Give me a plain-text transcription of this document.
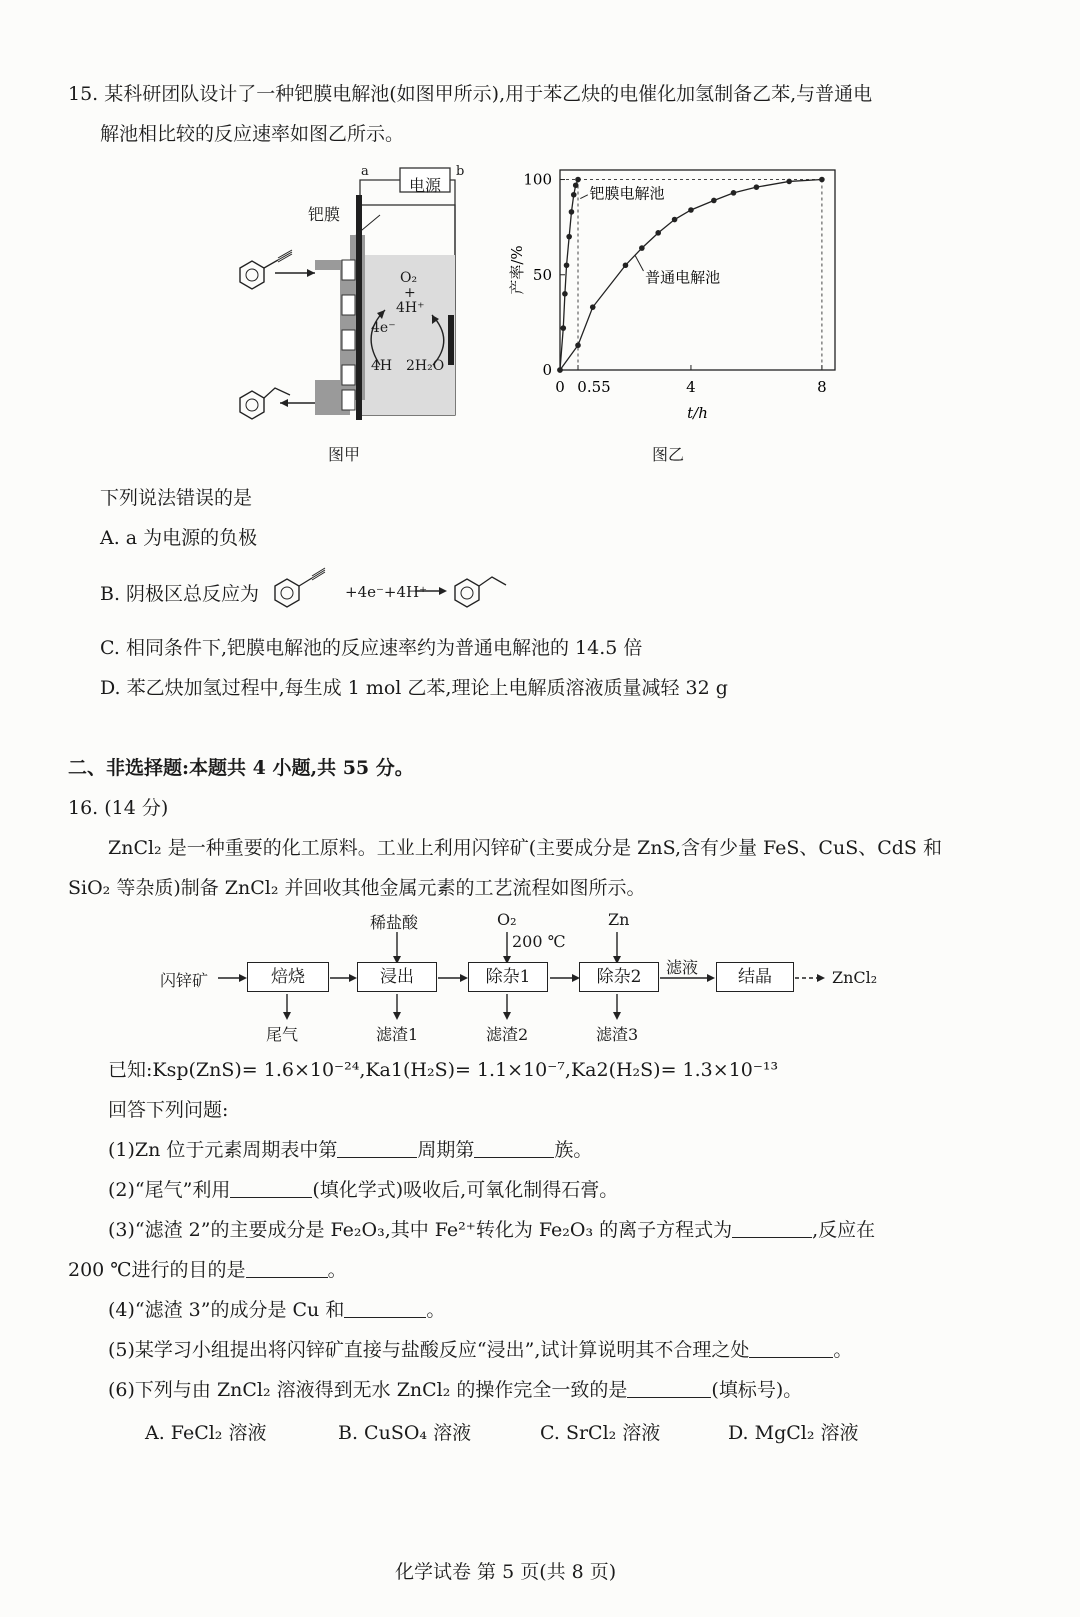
15. 某科研团队设计了一种钯膜电解池(如图甲所示),用于苯乙炔的电催化加氢制备乙苯,与普通电
解池相比较的反应速率如图乙所示。
电源
a	b
钯膜
O₂
+
4H⁺
4e⁻
4H 2H₂O
图甲
100
50
0
0 0.55	4	8
t/h
产率/%
钯膜电解池
普通电解池
图乙
下列说法错误的是
A. a 为电源的负极
B. 阴极区总反应为	+4e⁻+4H⁺
C. 相同条件下,钯膜电解池的反应速率约为普通电解池的 14.5 倍
D. 苯乙炔加氢过程中,每生成 1 mol 乙苯,理论上电解质溶液质量减轻 32 g
二、非选择题:本题共 4 小题,共 55 分。
16. (14 分)
ZnCl₂ 是一种重要的化工原料。工业上利用闪锌矿(主要成分是 ZnS,含有少量 FeS、CuS、CdS 和
SiO₂ 等杂质)制备 ZnCl₂ 并回收其他金属元素的工艺流程如图所示。
闪锌矿	焙烧	浸出	除杂1	除杂2	结晶
稀盐酸	O₂
200 ℃
Zn
尾气	滤渣1	滤渣2	滤渣3
滤液
ZnCl₂
已知:Ksp(ZnS)= 1.6×10⁻²⁴,Ka1(H₂S)= 1.1×10⁻⁷,Ka2(H₂S)= 1.3×10⁻¹³
回答下列问题:
(1)Zn 位于元素周期表中第	周期第	族。
(2)“尾气”利用	(填化学式)吸收后,可氧化制得石膏。
(3)“滤渣 2”的主要成分是 Fe₂O₃,其中 Fe²⁺转化为 Fe₂O₃ 的离子方程式为	,反应在
200 ℃进行的目的是	。
(4)“滤渣 3”的成分是 Cu 和	。
(5)某学习小组提出将闪锌矿直接与盐酸反应“浸出”,试计算说明其不合理之处	。
(6)下列与由 ZnCl₂ 溶液得到无水 ZnCl₂ 的操作完全一致的是	(填标号)。
A. FeCl₂ 溶液	B. CuSO₄ 溶液	C. SrCl₂ 溶液	D. MgCl₂ 溶液
化学试卷 第 5 页(共 8 页)
